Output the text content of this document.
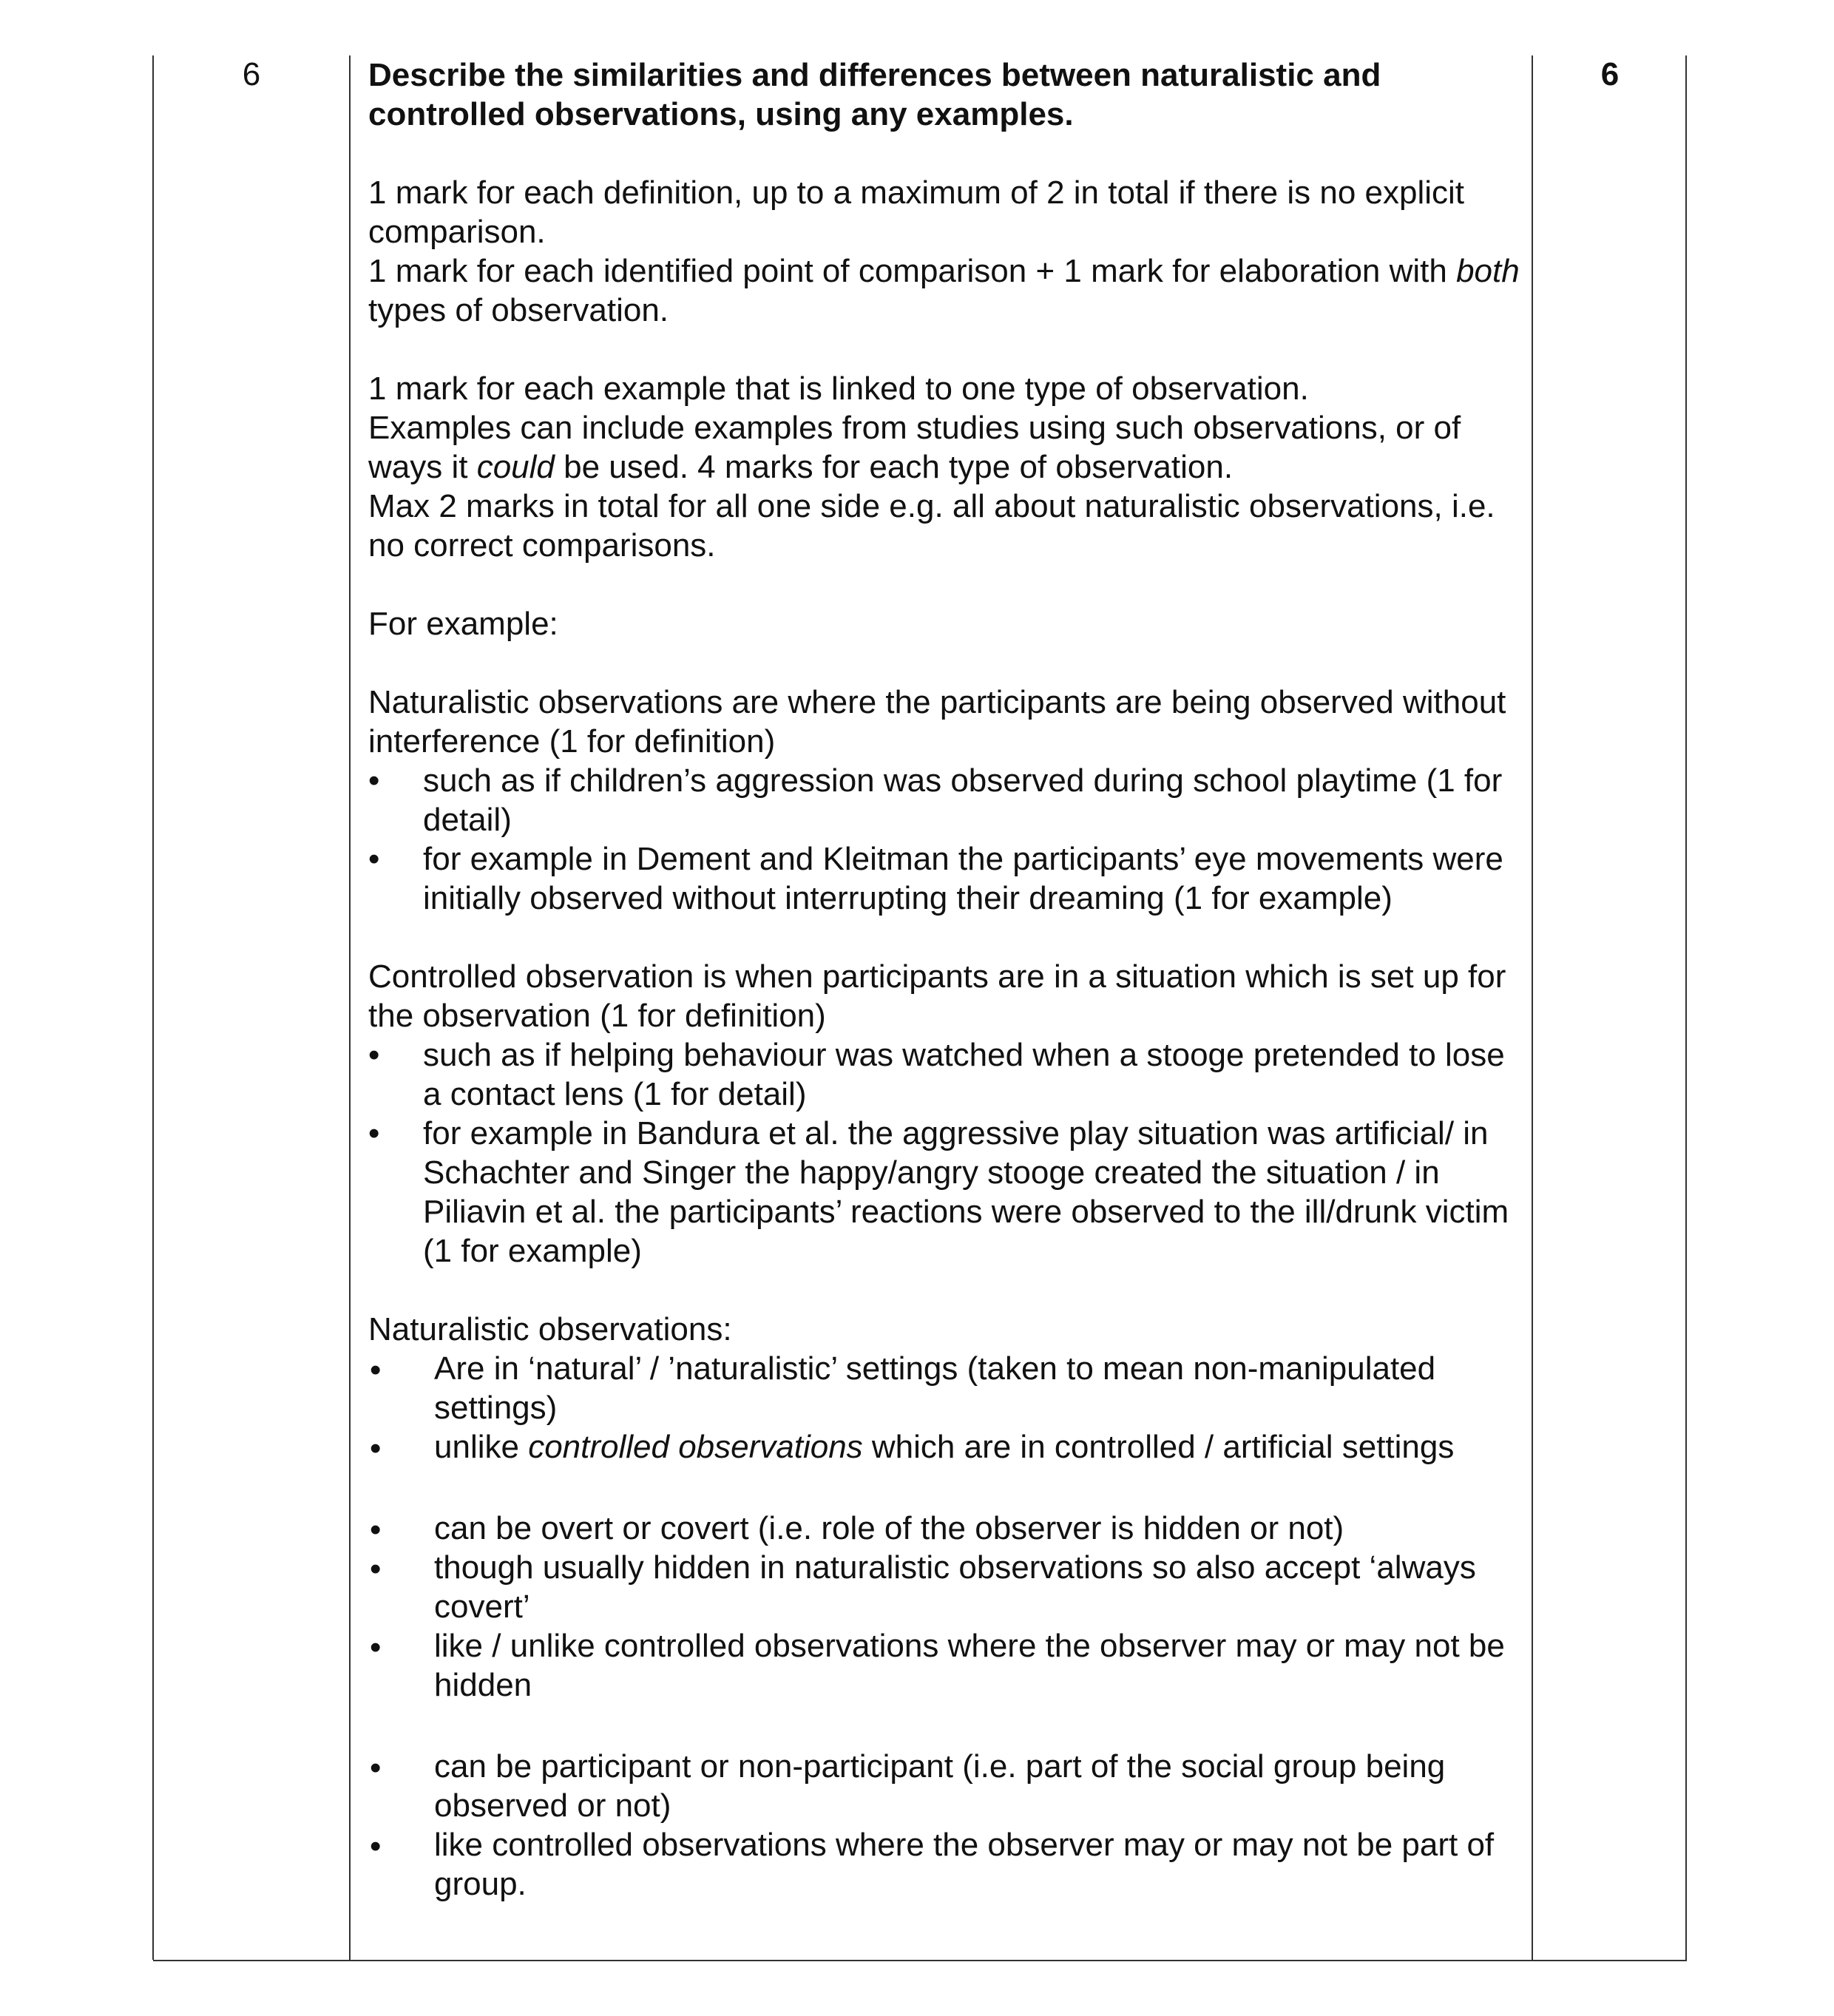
6	6

Describe the similarities and differences between naturalistic and controlled observations, using any examples.

1 mark for each definition, up to a maximum of 2 in total if there is no explicit comparison.

1 mark for each identified point of comparison + 1 mark for elaboration with both types of observation.

1 mark for each example that is linked to one type of observation.

Examples can include examples from studies using such observations, or of ways it could be used. 4 marks for each type of observation.

Max 2 marks in total for all one side e.g. all about naturalistic observations, i.e. no correct comparisons.

For example:

Naturalistic observations are where the participants are being observed without interference (1 for definition)

• such as if children’s aggression was observed during school playtime (1 for detail)
• for example in Dement and Kleitman the participants’ eye movements were initially observed without interrupting their dreaming (1 for example)

Controlled observation is when participants are in a situation which is set up for the observation (1 for definition)

• such as if helping behaviour was watched when a stooge pretended to lose a contact lens (1 for detail)
• for example in Bandura et al. the aggressive play situation was artificial/ in Schachter and Singer the happy/angry stooge created the situation / in Piliavin et al. the participants’ reactions were observed to the ill/drunk victim (1 for example)

Naturalistic observations:

• Are in ‘natural’ / ’naturalistic’ settings (taken to mean non-manipulated settings)
• unlike controlled observations which are in controlled / artificial settings
• can be overt or covert (i.e. role of the observer is hidden or not)
• though usually hidden in naturalistic observations so also accept ‘always covert’
• like / unlike controlled observations where the observer may or may not be hidden
• can be participant or non-participant (i.e. part of the social group being observed or not)
• like controlled observations where the observer may or may not be part of group.
